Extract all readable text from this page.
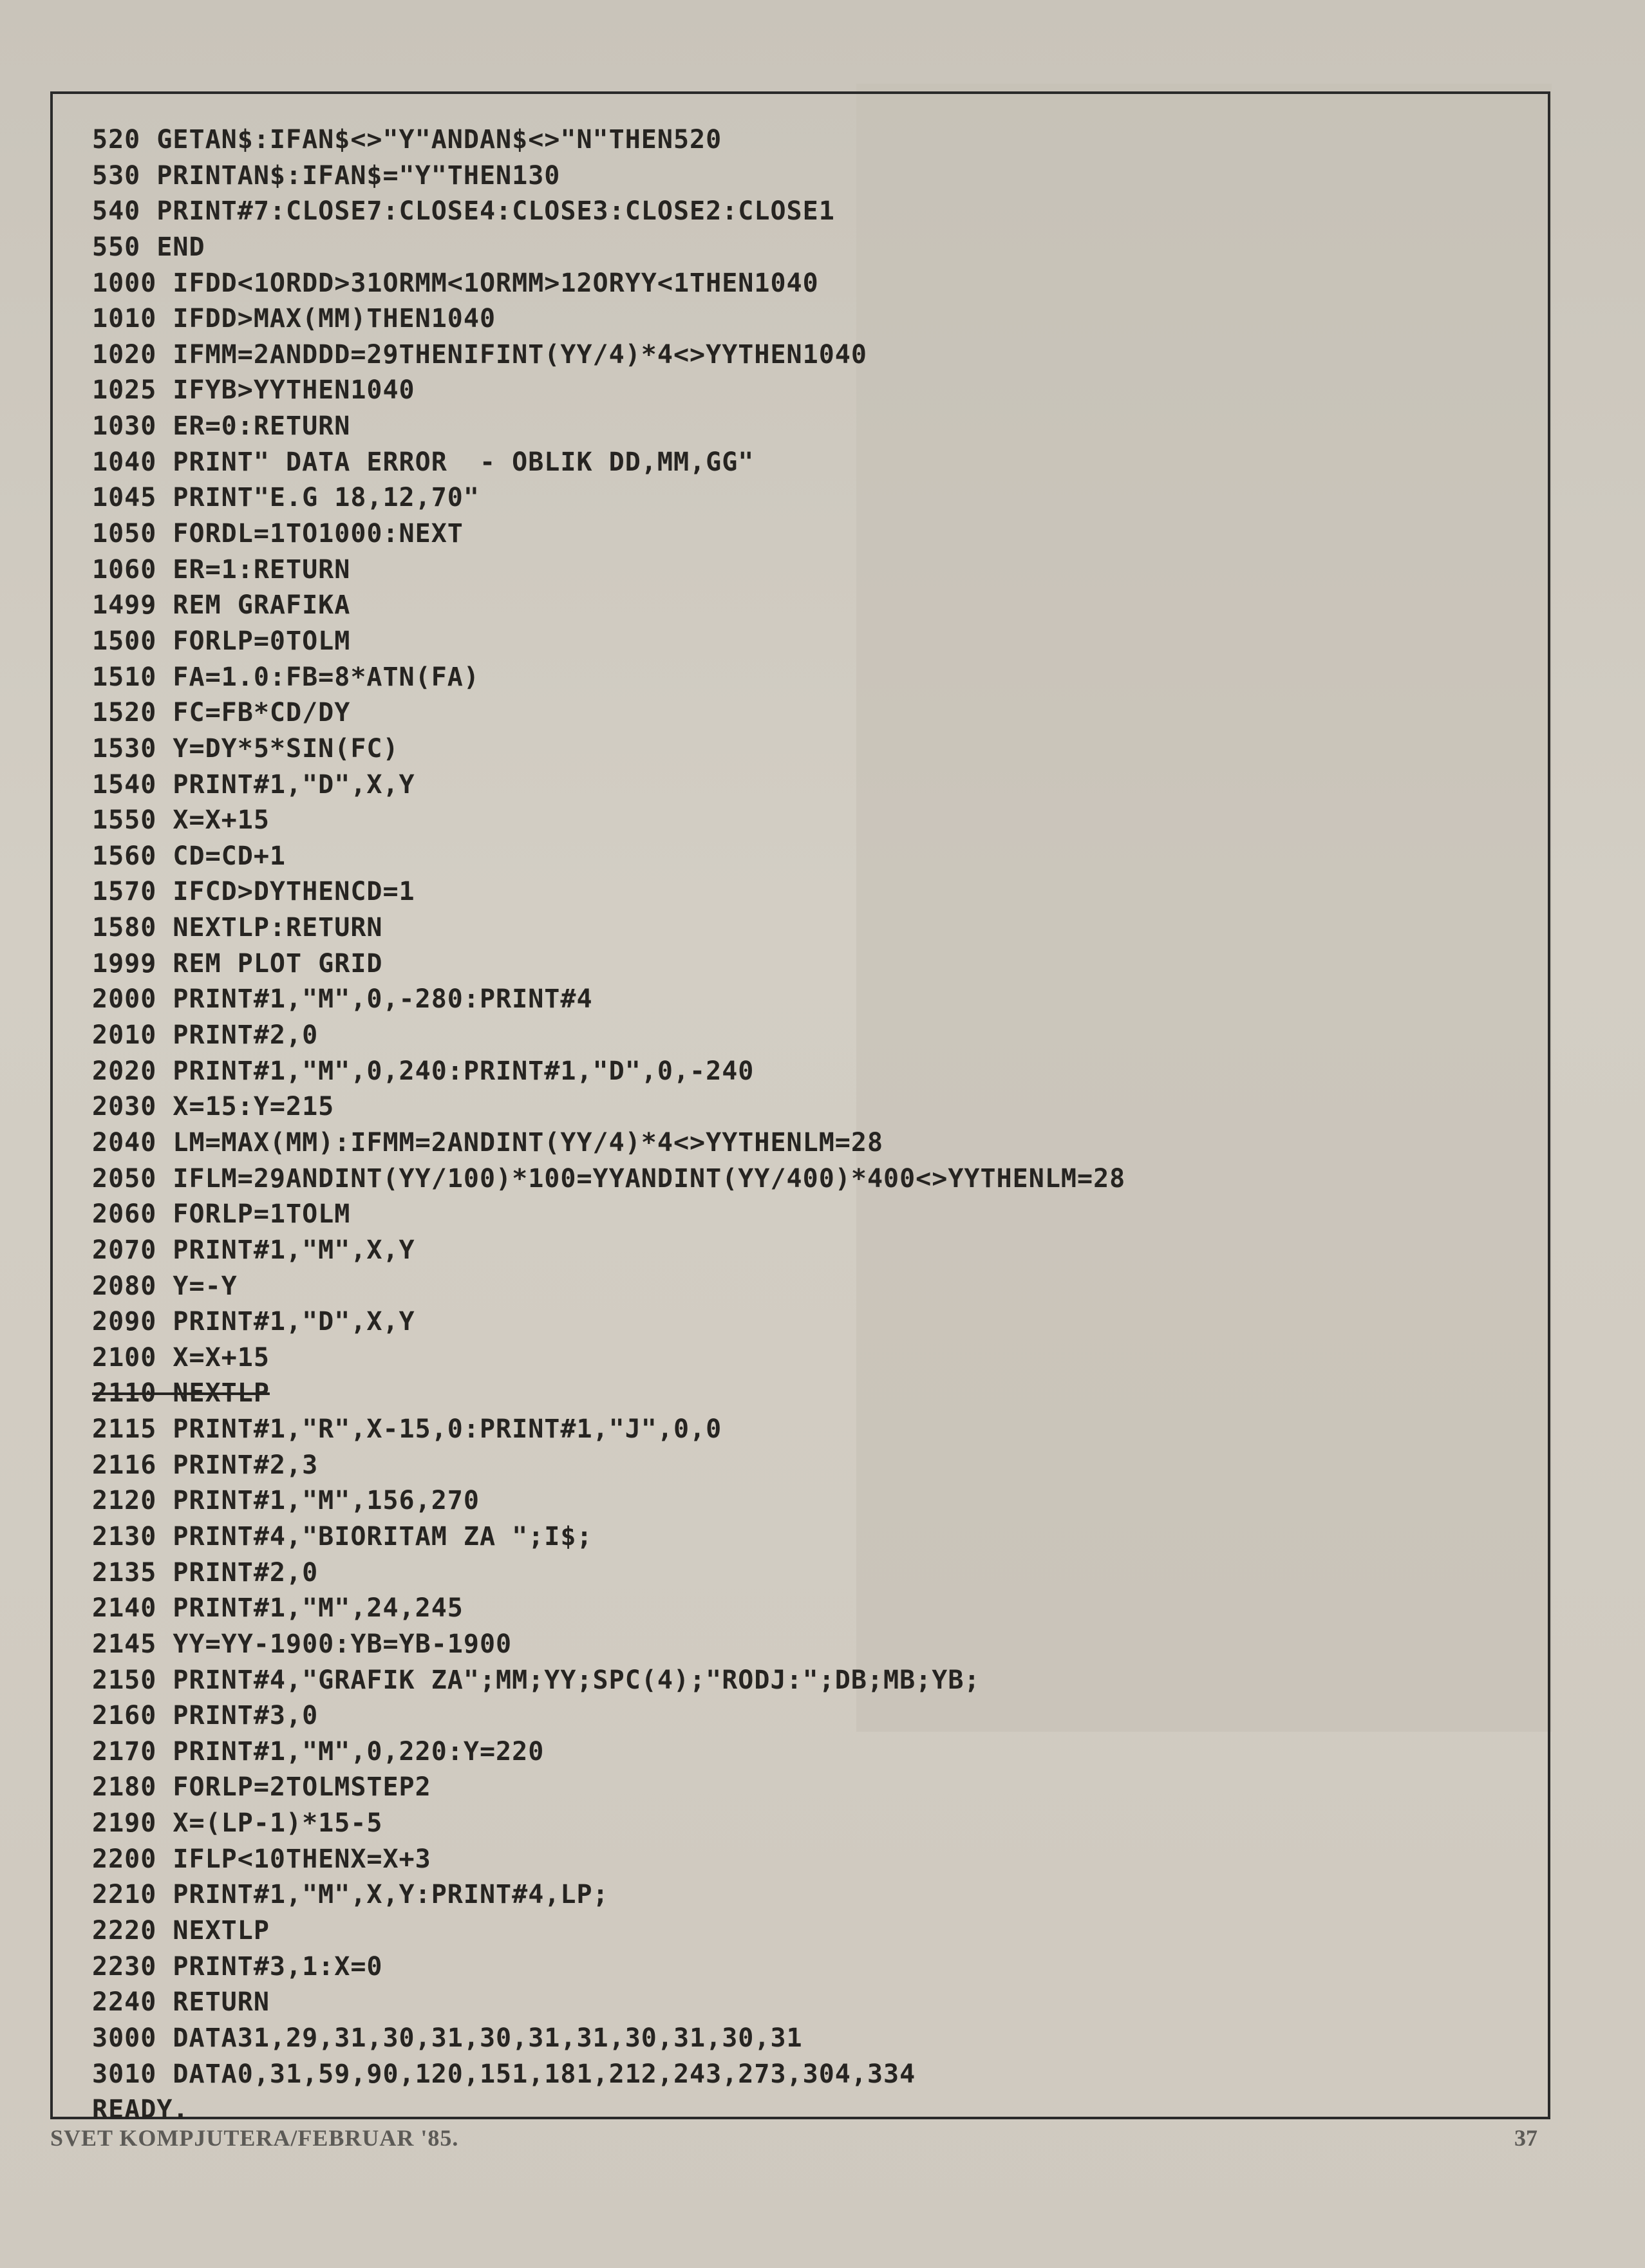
520 GETAN$:IFAN$<>"Y"ANDAN$<>"N"THEN520
530 PRINTAN$:IFAN$="Y"THEN130
540 PRINT#7:CLOSE7:CLOSE4:CLOSE3:CLOSE2:CLOSE1
550 END
1000 IFDD<1ORDD>31ORMM<1ORMM>12ORYY<1THEN1040
1010 IFDD>MAX(MM)THEN1040
1020 IFMM=2ANDDD=29THENIFINT(YY/4)*4<>YYTHEN1040
1025 IFYB>YYTHEN1040
1030 ER=0:RETURN
1040 PRINT" DATA ERROR  - OBLIK DD,MM,GG"
1045 PRINT"E.G 18,12,70"
1050 FORDL=1TO1000:NEXT
1060 ER=1:RETURN
1499 REM GRAFIKA
1500 FORLP=0TOLM
1510 FA=1.0:FB=8*ATN(FA)
1520 FC=FB*CD/DY
1530 Y=DY*5*SIN(FC)
1540 PRINT#1,"D",X,Y
1550 X=X+15
1560 CD=CD+1
1570 IFCD>DYTHENCD=1
1580 NEXTLP:RETURN
1999 REM PLOT GRID
2000 PRINT#1,"M",0,-280:PRINT#4
2010 PRINT#2,0
2020 PRINT#1,"M",0,240:PRINT#1,"D",0,-240
2030 X=15:Y=215
2040 LM=MAX(MM):IFMM=2ANDINT(YY/4)*4<>YYTHENLM=28
2050 IFLM=29ANDINT(YY/100)*100=YYANDINT(YY/400)*400<>YYTHENLM=28
2060 FORLP=1TOLM
2070 PRINT#1,"M",X,Y
2080 Y=-Y
2090 PRINT#1,"D",X,Y
2100 X=X+15
2110 NEXTLP
2115 PRINT#1,"R",X-15,0:PRINT#1,"J",0,0
2116 PRINT#2,3
2120 PRINT#1,"M",156,270
2130 PRINT#4,"BIORITAM ZA ";I$;
2135 PRINT#2,0
2140 PRINT#1,"M",24,245
2145 YY=YY-1900:YB=YB-1900
2150 PRINT#4,"GRAFIK ZA";MM;YY;SPC(4);"RODJ:";DB;MB;YB;
2160 PRINT#3,0
2170 PRINT#1,"M",0,220:Y=220
2180 FORLP=2TOLMSTEP2
2190 X=(LP-1)*15-5
2200 IFLP<10THENX=X+3
2210 PRINT#1,"M",X,Y:PRINT#4,LP;
2220 NEXTLP
2230 PRINT#3,1:X=0
2240 RETURN
3000 DATA31,29,31,30,31,30,31,31,30,31,30,31
3010 DATA0,31,59,90,120,151,181,212,243,273,304,334
READY.
SVET KOMPJUTERA/FEBRUAR '85.	37
